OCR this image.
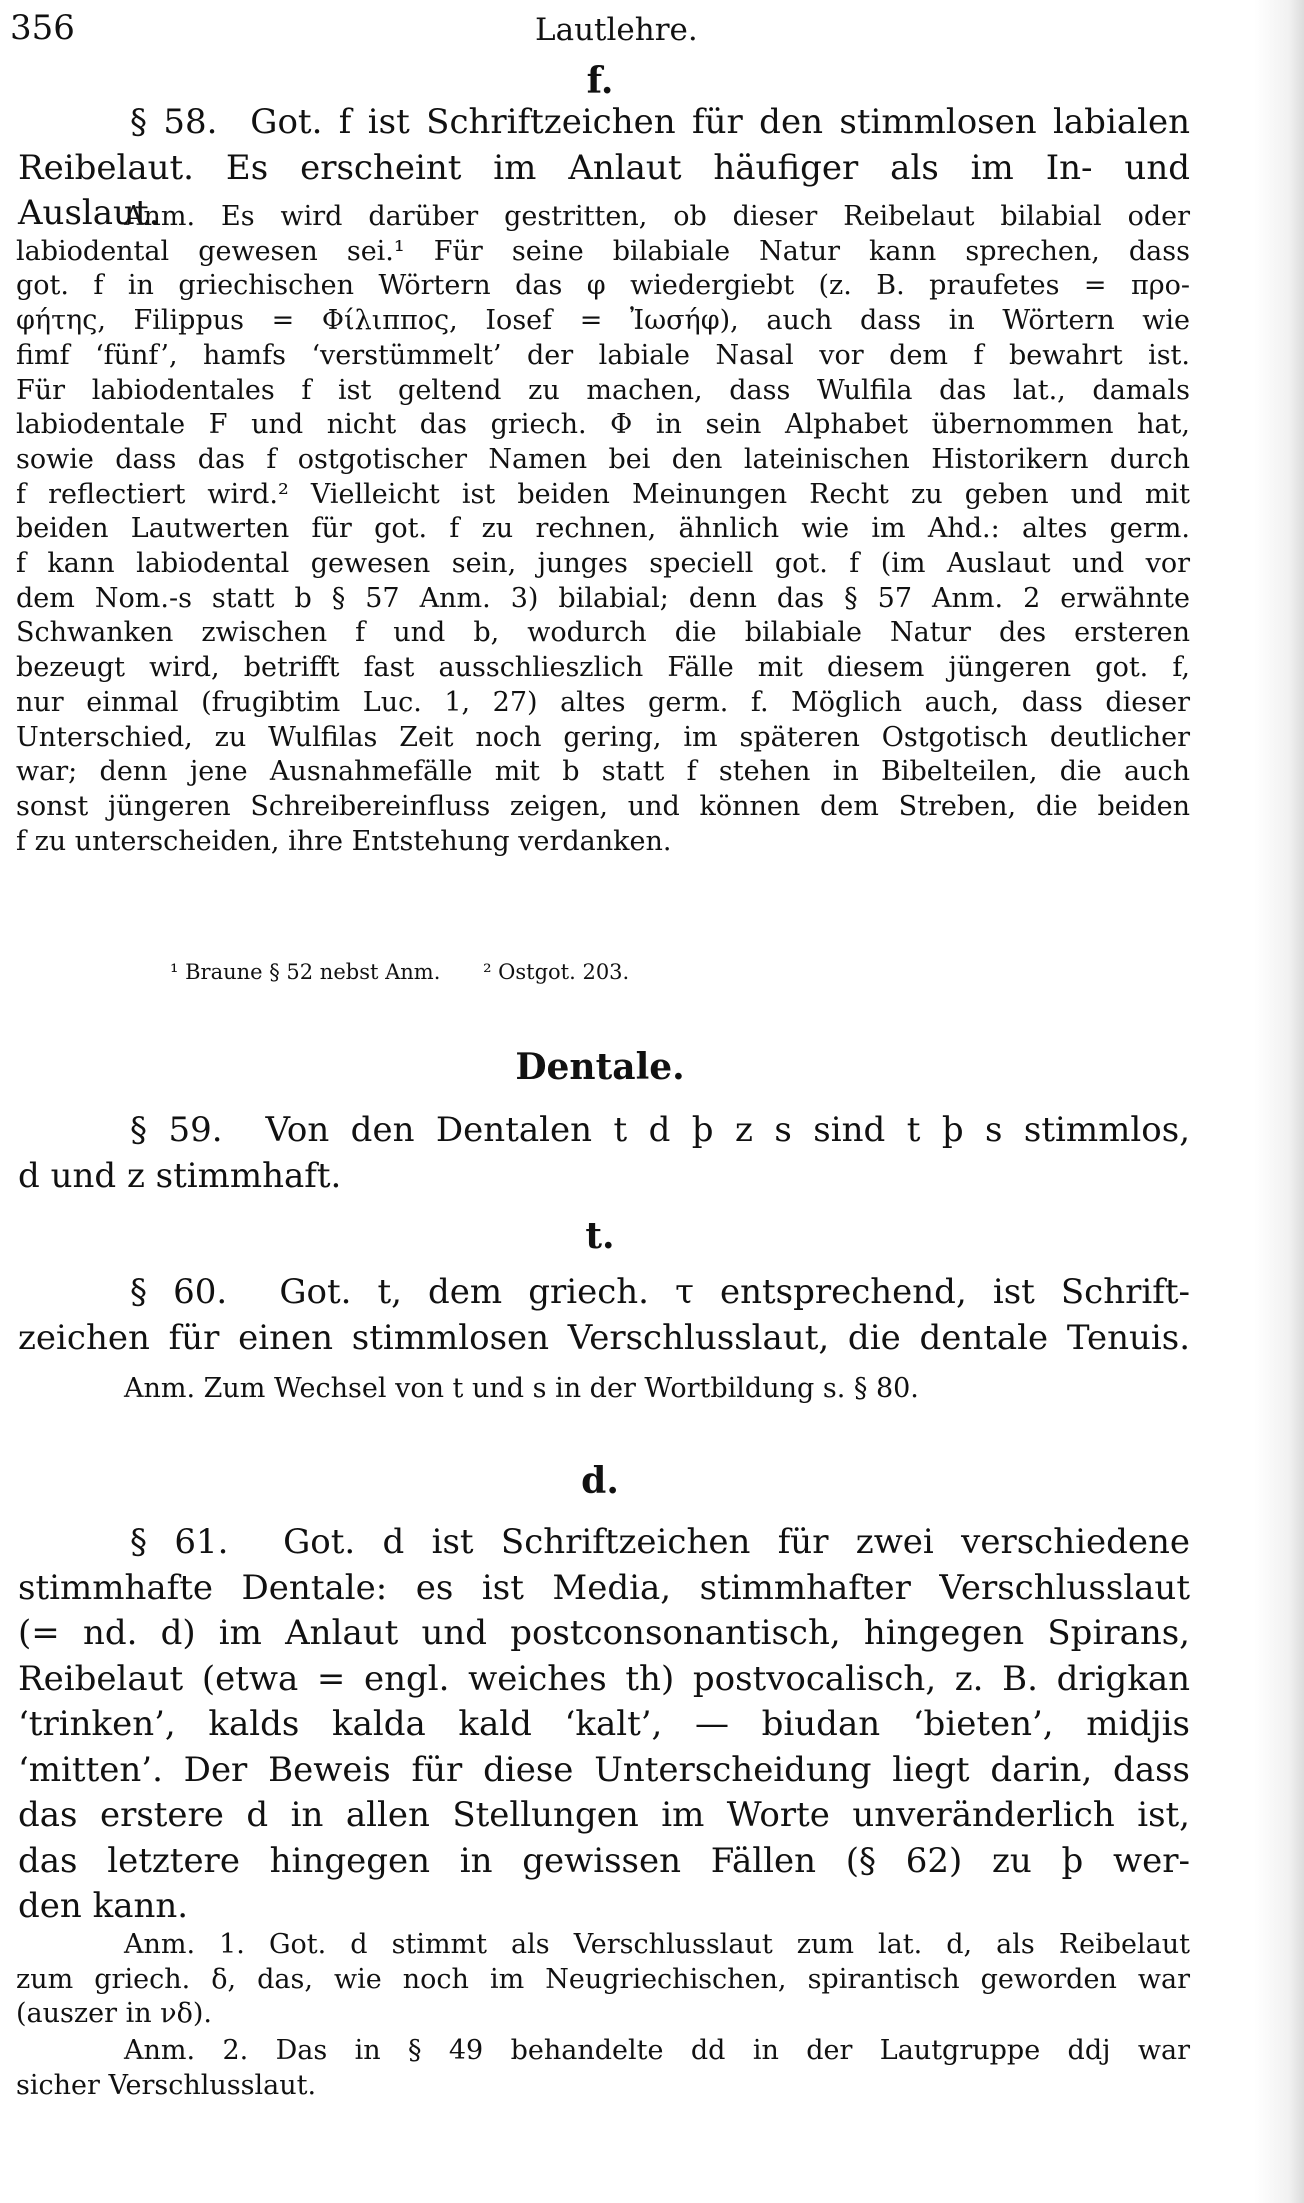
356	Lautlehre.
f.
§ 58. Got. f ist Schriftzeichen für den stimmlosen labialen
Reibelaut. Es erscheint im Anlaut häufiger als im In- und
Auslaut.
Anm. Es wird darüber gestritten, ob dieser Reibelaut bilabial oder
labiodental gewesen sei.¹ Für seine bilabiale Natur kann sprechen, dass
got. f in griechischen Wörtern das φ wiedergiebt (z. B. praufetes = προ-
φήτης, Filippus = Φίλιππος, Iosef = Ἰωσήφ), auch dass in Wörtern wie
fimf ‘fünf’, hamfs ‘verstümmelt’ der labiale Nasal vor dem f bewahrt ist.
Für labiodentales f ist geltend zu machen, dass Wulfila das lat., damals
labiodentale F und nicht das griech. Φ in sein Alphabet übernommen hat,
sowie dass das f ostgotischer Namen bei den lateinischen Historikern durch
f reflectiert wird.² Vielleicht ist beiden Meinungen Recht zu geben und mit
beiden Lautwerten für got. f zu rechnen, ähnlich wie im Ahd.: altes germ.
f kann labiodental gewesen sein, junges speciell got. f (im Auslaut und vor
dem Nom.-s statt b § 57 Anm. 3) bilabial; denn das § 57 Anm. 2 erwähnte
Schwanken zwischen f und b, wodurch die bilabiale Natur des ersteren
bezeugt wird, betrifft fast ausschlieszlich Fälle mit diesem jüngeren got. f,
nur einmal (frugibtim Luc. 1, 27) altes germ. f. Möglich auch, dass dieser
Unterschied, zu Wulfilas Zeit noch gering, im späteren Ostgotisch deutlicher
war; denn jene Ausnahmefälle mit b statt f stehen in Bibelteilen, die auch
sonst jüngeren Schreibereinfluss zeigen, und können dem Streben, die beiden
f zu unterscheiden, ihre Entstehung verdanken.
¹ Braune § 52 nebst Anm. ² Ostgot. 203.
Dentale.
§ 59. Von den Dentalen t d þ z s sind t þ s stimmlos,
d und z stimmhaft.
t.
§ 60. Got. t, dem griech. τ entsprechend, ist Schrift-
zeichen für einen stimmlosen Verschlusslaut, die dentale Tenuis.
Anm. Zum Wechsel von t und s in der Wortbildung s. § 80.
d.
§ 61. Got. d ist Schriftzeichen für zwei verschiedene
stimmhafte Dentale: es ist Media, stimmhafter Verschlusslaut
(= nd. d) im Anlaut und postconsonantisch, hingegen Spirans,
Reibelaut (etwa = engl. weiches th) postvocalisch, z. B. drigkan
‘trinken’, kalds kalda kald ‘kalt’, — biudan ‘bieten’, midjis
‘mitten’. Der Beweis für diese Unterscheidung liegt darin, dass
das erstere d in allen Stellungen im Worte unveränderlich ist,
das letztere hingegen in gewissen Fällen (§ 62) zu þ wer-
den kann.
Anm. 1. Got. d stimmt als Verschlusslaut zum lat. d, als Reibelaut
zum griech. δ, das, wie noch im Neugriechischen, spirantisch geworden war
(auszer in νδ).
Anm. 2. Das in § 49 behandelte dd in der Lautgruppe ddj war
sicher Verschlusslaut.
